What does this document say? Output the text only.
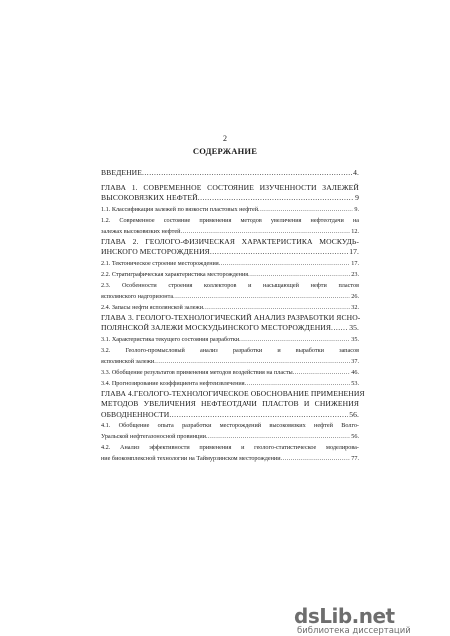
2
СОДЕРЖАНИЕ
ВВЕДЕНИЕ .....	4.
ГЛАВА 1. СОВРЕМЕННОЕ СОСТОЯНИЕ ИЗУЧЕННОСТИ ЗАЛЕЖЕЙ
ВЫСОКОВЯЗКИХ НЕФТЕЙ .....	9
1.1. Классификация залежей по вязкости пластовых нефтей .....	9.
1.2. Современное состояние применения методов увеличения нефтеотдачи на
залежах высоковязких нефтей .....	12.
ГЛАВА 2. ГЕОЛОГО-ФИЗИЧЕСКАЯ ХАРАКТЕРИСТИКА МОСКУДЬ-
ИНСКОГО МЕСТОРОЖДЕНИЯ .....	17.
2.1. Тектоническое строение месторождения .....	17.
2.2. Стратиграфическая характеристика месторождения .....	23.
2.3. Особенности строения коллекторов и насыщающей нефти пластов
ясполянского надгоризонта .....	26.
2.4. Запасы нефти ясполянской залежи .....	32.
ГЛАВА 3. ГЕОЛОГО-ТЕХНОЛОГИЧЕСКИЙ АНАЛИЗ РАЗРАБОТКИ ЯСНО-
ПОЛЯНСКОЙ ЗАЛЕЖИ МОСКУДЬИНСКОГО МЕСТОРОЖДЕНИЯ ..... 35.
3.1. Характеристика текущего состояния разработки .....	35.
3.2. Геолого-промысловый анализ разработки и выработки запасов
ясполянской залежи .....	37.
3.3. Обобщение результатов применения методов воздействия на пласты .....	46.
3.4. Прогнозирование коэффициента нефтеизвлечения .....	53.
ГЛАВА 4.ГЕОЛОГО-ТЕХНОЛОГИЧЕСКОЕ ОБОСНОВАНИЕ ПРИМЕНЕНИЯ
МЕТОДОВ УВЕЛИЧЕНИЯ НЕФТЕОТДАЧИ ПЛАСТОВ И СНИЖЕНИЯ
ОБВОДНЕННОСТИ .....	56.
4.1. Обобщение опыта разработки месторождений высоковязких нефтей Волго-
Уральской нефтегазоносной провинции .....	56.
4.2. Анализ эффективности применения и геолого-статистическое моделирова-
ние биокомплексной технологии на Таймурзинском месторождении .....	77.
dsLib.net
библиотека диссертаций
